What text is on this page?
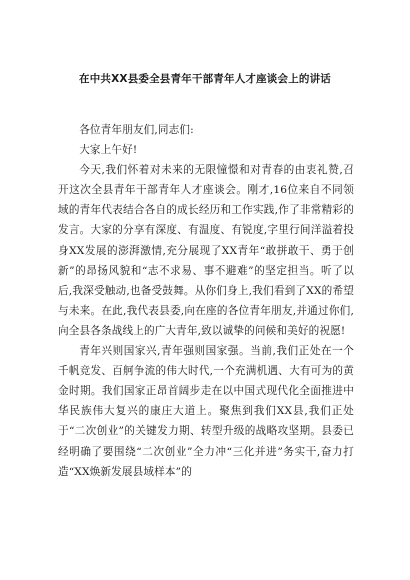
在中共XX县委全县青年干部青年人才座谈会上的讲话

各位青年朋友们,同志们:

大家上午好!

今天,我们怀着对未来的无限憧憬和对青春的由衷礼赞,召开这次全县青年干部青年人才座谈会。刚才,16位来自不同领域的青年代表结合各自的成长经历和工作实践,作了非常精彩的发言。大家的分享有深度、有温度、有锐度,字里行间洋溢着投身XX发展的澎湃激情,充分展现了XX青年“敢拼敢干、勇于创新”的昂扬风貌和“志不求易、事不避难”的坚定担当。听了以后,我深受触动,也备受鼓舞。从你们身上,我们看到了XX的希望与未来。在此,我代表县委,向在座的各位青年朋友,并通过你们,向全县各条战线上的广大青年,致以诚挚的问候和美好的祝愿!

青年兴则国家兴,青年强则国家强。当前,我们正处在一个千帆竞发、百舸争流的伟大时代,一个充满机遇、大有可为的黄金时期。我们国家正昂首阔步走在以中国式现代化全面推进中华民族伟大复兴的康庄大道上。聚焦到我们XX县,我们正处于“二次创业”的关键发力期、转型升级的战略攻坚期。县委已经明确了要围绕“二次创业”全力冲“三化并进”务实干,奋力打造“XX焕新发展县域样本”的
